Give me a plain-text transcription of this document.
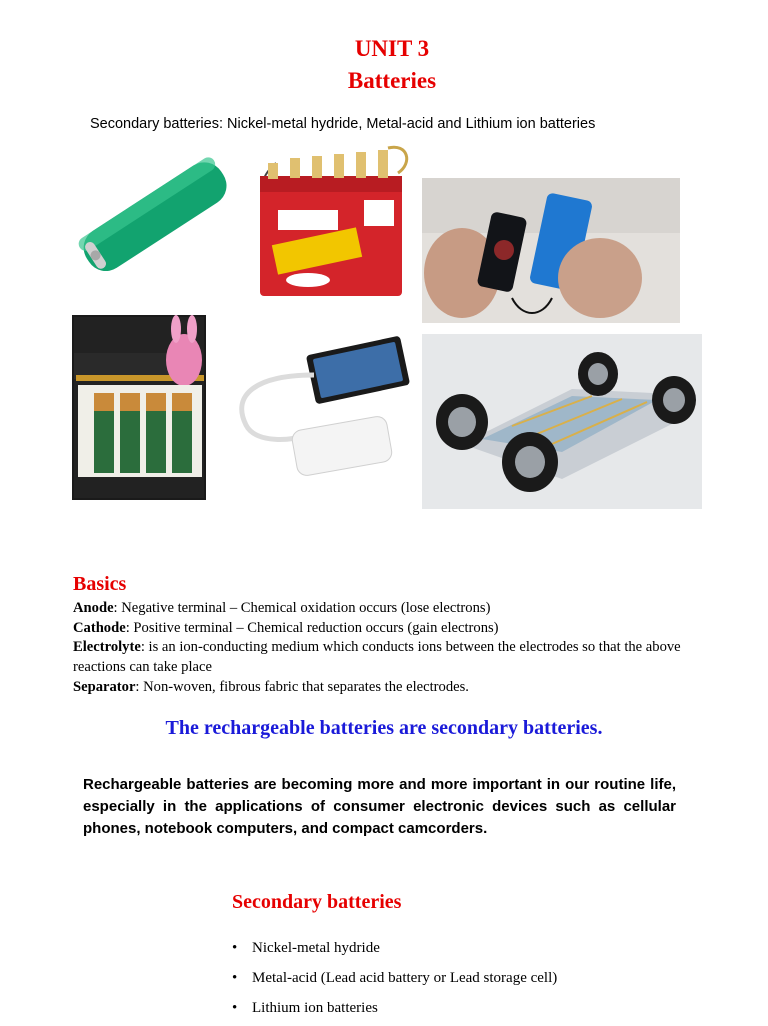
UNIT 3
Batteries
Secondary batteries: Nickel-metal hydride, Metal-acid and Lithium ion batteries
Basics
Anode: Negative terminal – Chemical oxidation occurs (lose electrons)
Cathode: Positive terminal – Chemical reduction occurs (gain electrons)
Electrolyte: is an ion-conducting medium which conducts ions between the electrodes so that the above reactions can take place
Separator: Non-woven, fibrous fabric that separates the electrodes.
The rechargeable batteries are secondary batteries.
Rechargeable batteries are becoming more and more important in our routine life, especially in the applications of consumer electronic devices such as cellular phones, notebook computers, and compact camcorders.
Secondary batteries
• Nickel-metal hydride
• Metal-acid (Lead acid battery or Lead storage cell)
• Lithium ion batteries
